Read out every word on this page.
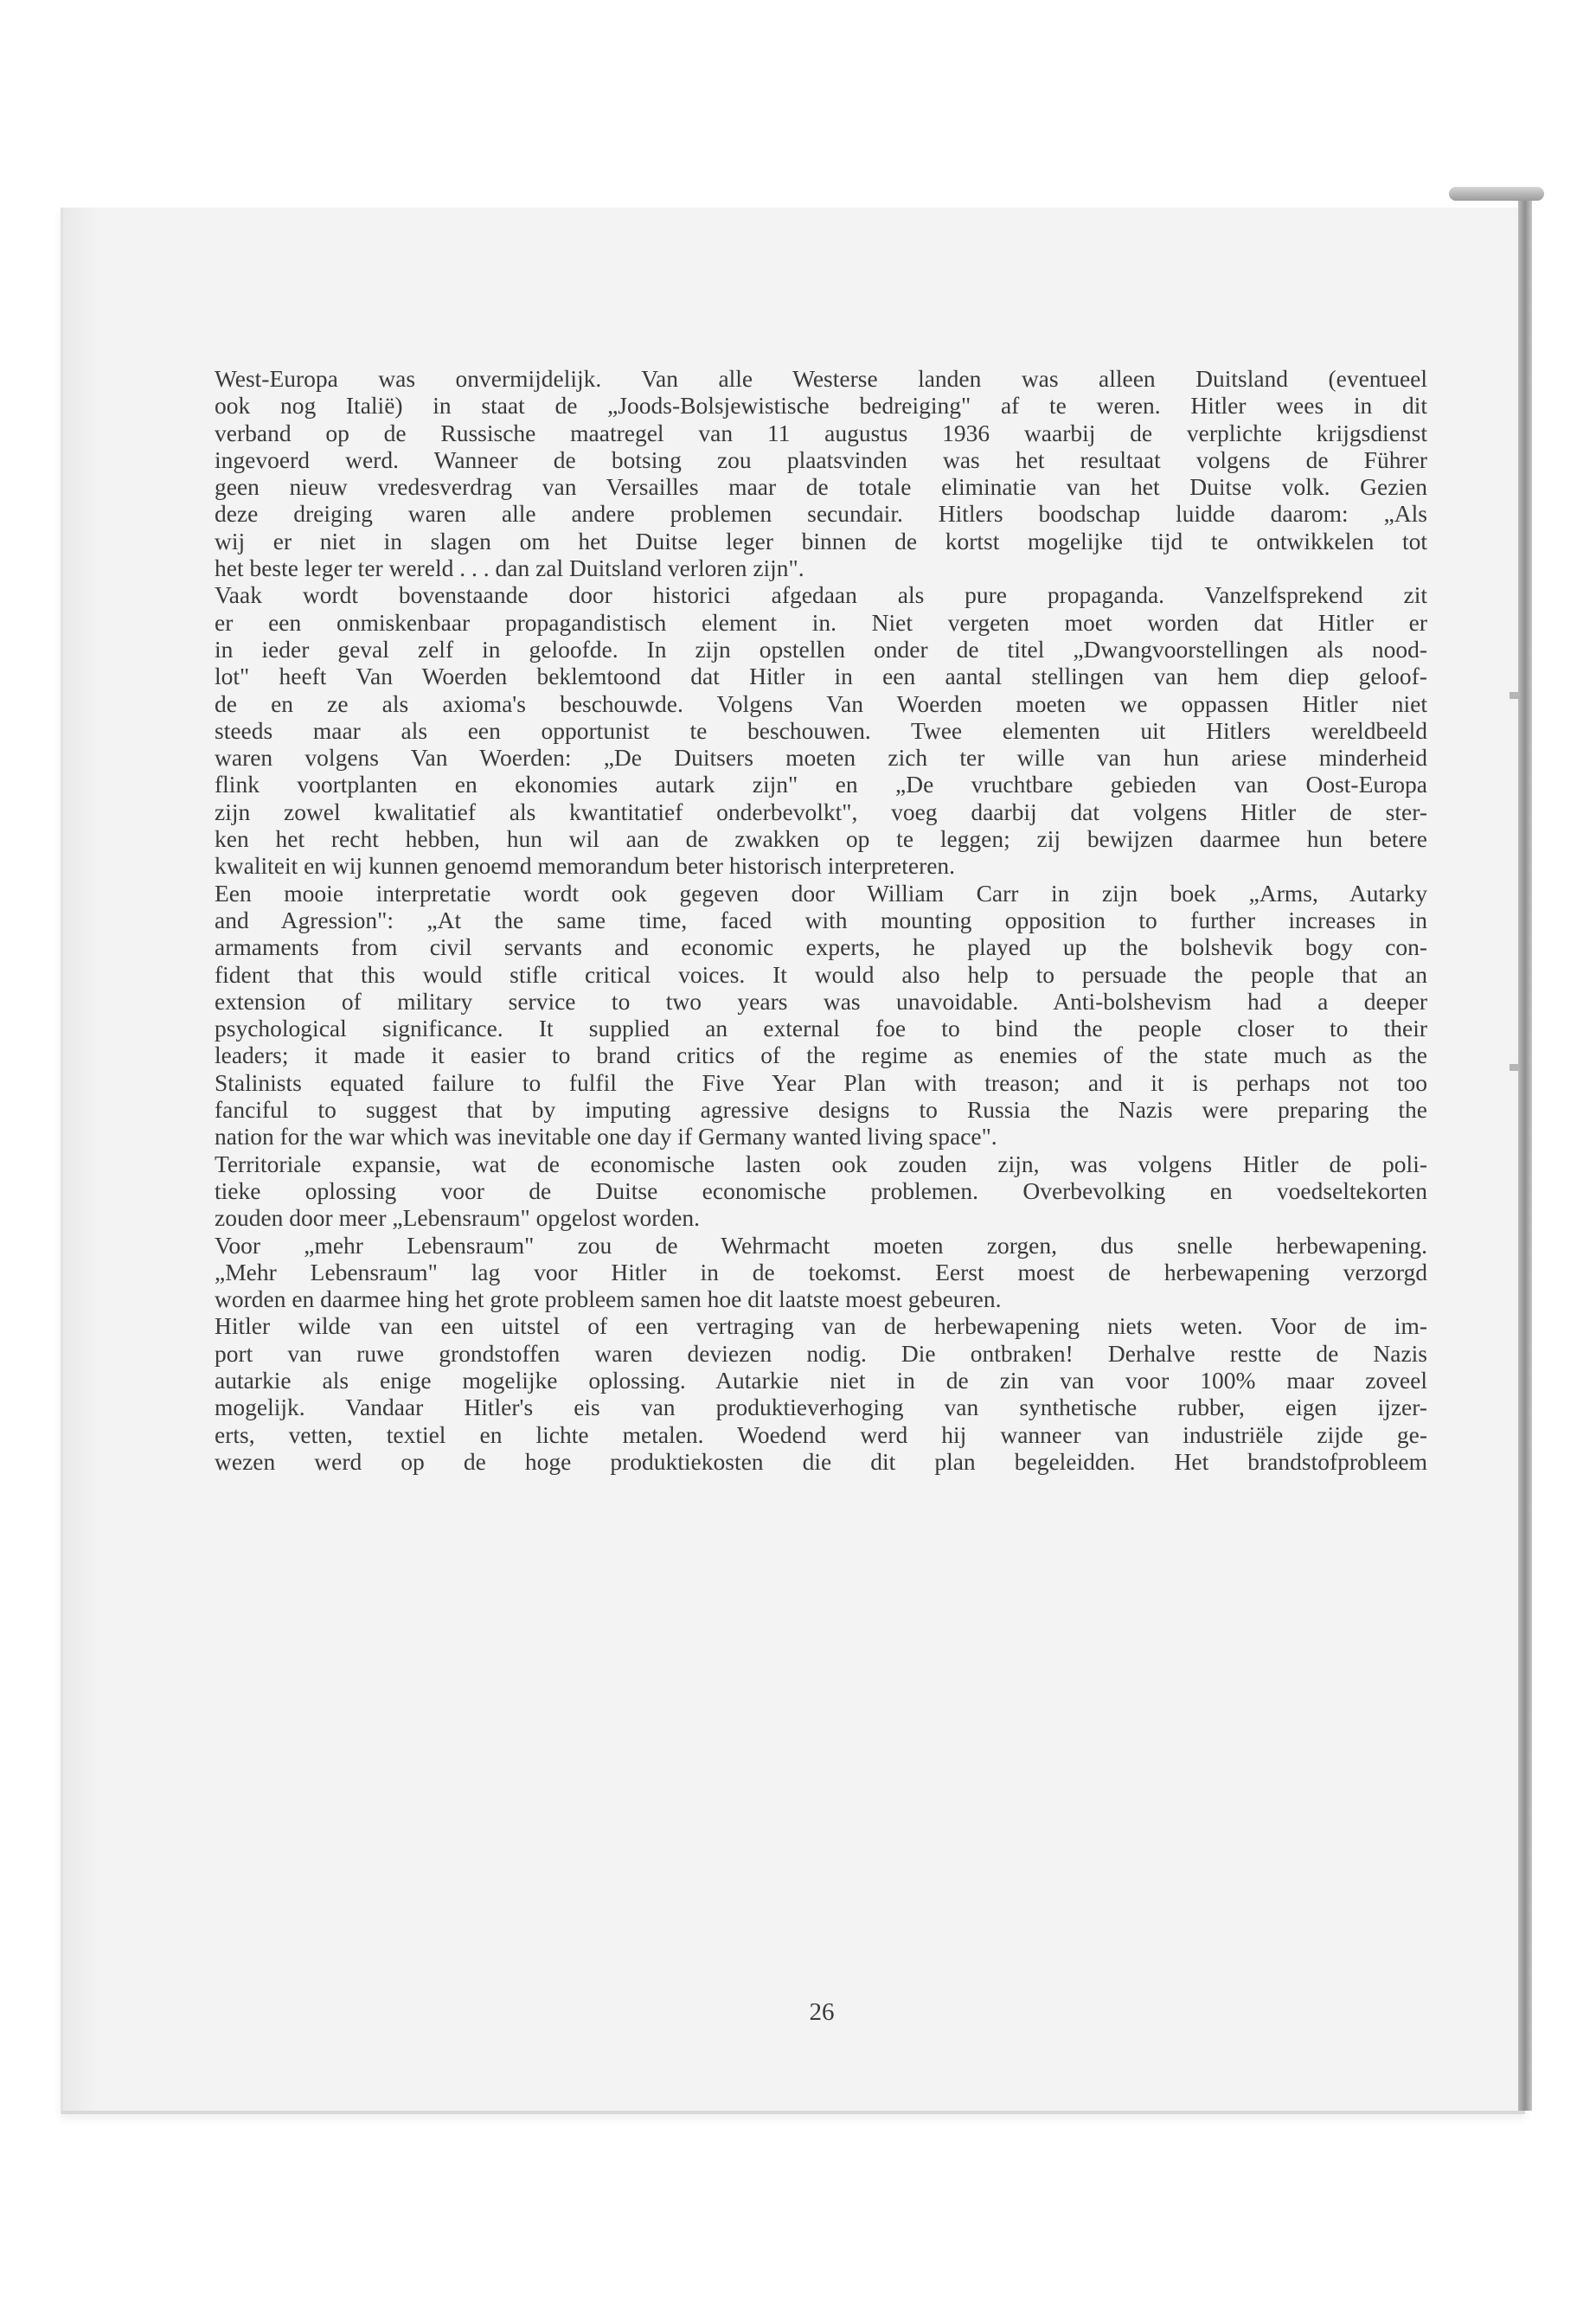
West-Europa was onvermijdelijk. Van alle Westerse landen was alleen Duitsland (eventueel
ook nog Italië) in staat de „Joods-Bolsjewistische bedreiging" af te weren. Hitler wees in dit
verband op de Russische maatregel van 11 augustus 1936 waarbij de verplichte krijgsdienst
ingevoerd werd. Wanneer de botsing zou plaatsvinden was het resultaat volgens de Führer
geen nieuw vredesverdrag van Versailles maar de totale eliminatie van het Duitse volk. Gezien
deze dreiging waren alle andere problemen secundair. Hitlers boodschap luidde daarom: „Als
wij er niet in slagen om het Duitse leger binnen de kortst mogelijke tijd te ontwikkelen tot
het beste leger ter wereld . . . dan zal Duitsland verloren zijn".
Vaak wordt bovenstaande door historici afgedaan als pure propaganda. Vanzelfsprekend zit
er een onmiskenbaar propagandistisch element in. Niet vergeten moet worden dat Hitler er
in ieder geval zelf in geloofde. In zijn opstellen onder de titel „Dwangvoorstellingen als nood-
lot" heeft Van Woerden beklemtoond dat Hitler in een aantal stellingen van hem diep geloof-
de en ze als axioma's beschouwde. Volgens Van Woerden moeten we oppassen Hitler niet
steeds maar als een opportunist te beschouwen. Twee elementen uit Hitlers wereldbeeld
waren volgens Van Woerden: „De Duitsers moeten zich ter wille van hun ariese minderheid
flink voortplanten en ekonomies autark zijn" en „De vruchtbare gebieden van Oost-Europa
zijn zowel kwalitatief als kwantitatief onderbevolkt", voeg daarbij dat volgens Hitler de ster-
ken het recht hebben, hun wil aan de zwakken op te leggen; zij bewijzen daarmee hun betere
kwaliteit en wij kunnen genoemd memorandum beter historisch interpreteren.
Een mooie interpretatie wordt ook gegeven door William Carr in zijn boek „Arms, Autarky
and Agression": „At the same time, faced with mounting opposition to further increases in
armaments from civil servants and economic experts, he played up the bolshevik bogy con-
fident that this would stifle critical voices. It would also help to persuade the people that an
extension of military service to two years was unavoidable. Anti-bolshevism had a deeper
psychological significance. It supplied an external foe to bind the people closer to their
leaders; it made it easier to brand critics of the regime as enemies of the state much as the
Stalinists equated failure to fulfil the Five Year Plan with treason; and it is perhaps not too
fanciful to suggest that by imputing agressive designs to Russia the Nazis were preparing the
nation for the war which was inevitable one day if Germany wanted living space".
Territoriale expansie, wat de economische lasten ook zouden zijn, was volgens Hitler de poli-
tieke oplossing voor de Duitse economische problemen. Overbevolking en voedseltekorten
zouden door meer „Lebensraum" opgelost worden.
Voor „mehr Lebensraum" zou de Wehrmacht moeten zorgen, dus snelle herbewapening.
„Mehr Lebensraum" lag voor Hitler in de toekomst. Eerst moest de herbewapening verzorgd
worden en daarmee hing het grote probleem samen hoe dit laatste moest gebeuren.
Hitler wilde van een uitstel of een vertraging van de herbewapening niets weten. Voor de im-
port van ruwe grondstoffen waren deviezen nodig. Die ontbraken! Derhalve restte de Nazis
autarkie als enige mogelijke oplossing. Autarkie niet in de zin van voor 100% maar zoveel
mogelijk. Vandaar Hitler's eis van produktieverhoging van synthetische rubber, eigen ijzer-
erts, vetten, textiel en lichte metalen. Woedend werd hij wanneer van industriële zijde ge-
wezen werd op de hoge produktiekosten die dit plan begeleidden. Het brandstofprobleem
26
